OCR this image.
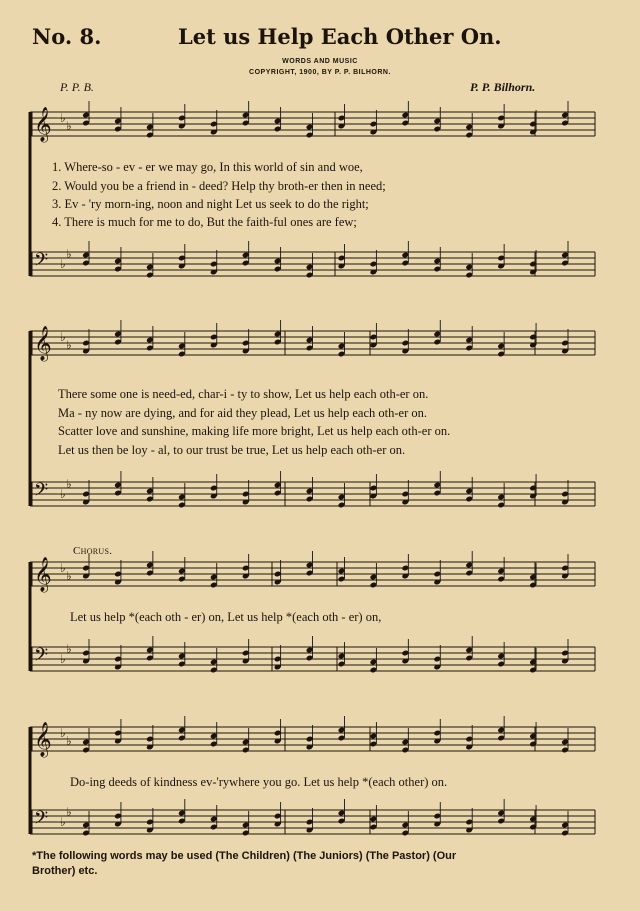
No. 8.	Let us Help Each Other On.
WORDS AND MUSIC
COPYRIGHT, 1900, BY P. P. BILHORN.
P. P. B.	P. P. Bilhorn.
𝄞 ♭
♭
𝄢 ♭
♭
𝄞 ♭
♭
𝄢 ♭
♭
𝄞 ♭
♭
𝄢 ♭
♭
𝄞 ♭
♭
𝄢 ♭
♭
1. Where-so - ev - er we may go, In this world of sin and woe,
2. Would you be a friend in - deed? Help thy broth-er then in need;
3. Ev - 'ry morn-ing, noon and night Let us seek to do the right;
4. There is much for me to do, But the faith-ful ones are few;
There some one is need-ed, char-i - ty to show, Let us help each oth-er on.
Ma - ny now are dying, and for aid they plead, Let us help each oth-er on.
Scatter love and sunshine, making life more bright, Let us help each oth-er on.
Let us then be loy - al, to our trust be true, Let us help each oth-er on.
Chorus.
Let us help *(each oth - er) on, Let us help *(each oth - er) on,
Do-ing deeds of kindness ev-'rywhere you go. Let us help *(each other) on.
*The following words may be used (The Children) (The Juniors) (The Pastor) (Our
Brother) etc.
